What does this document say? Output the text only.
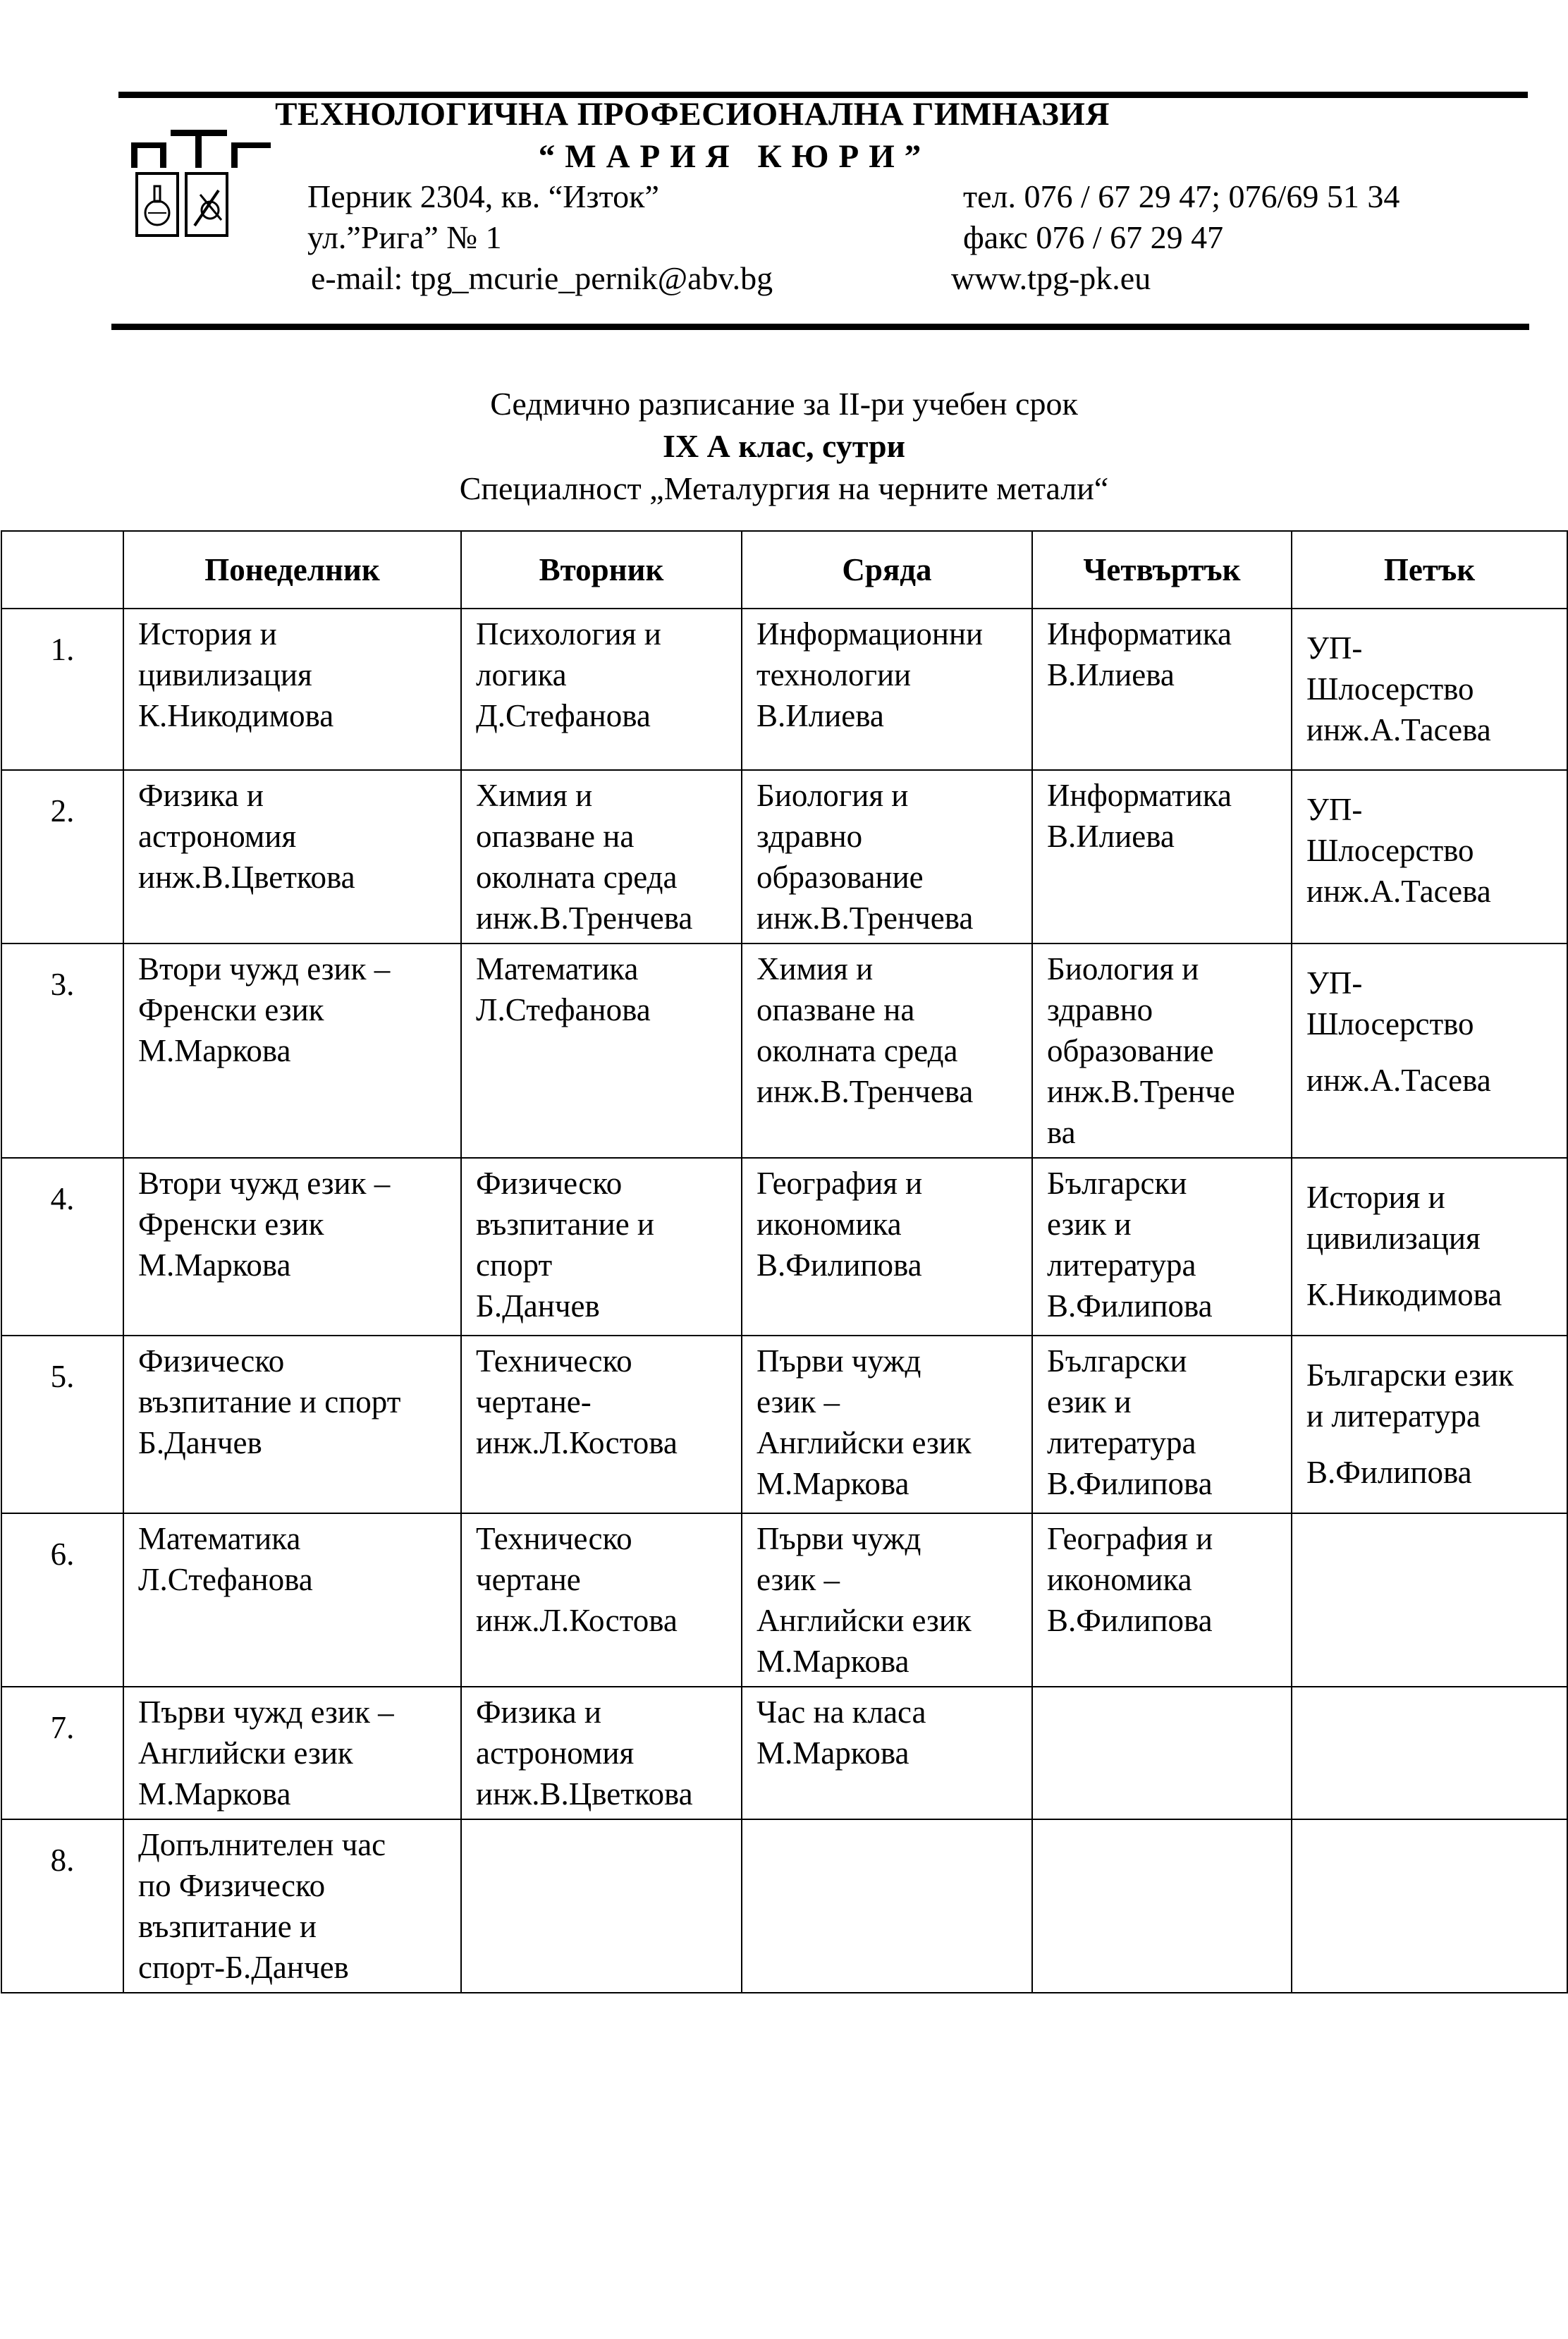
ТЕХНОЛОГИЧНА ПРОФЕСИОНАЛНА ГИМНАЗИЯ
“МАРИЯ КЮРИ”
Перник 2304, кв. “Изток”
ул.”Рига” № 1
e-mail: tpg_mcurie_pernik@abv.bg
тел. 076 / 67 29 47; 076/69 51 34
факс 076 / 67 29 47
www.tpg-pk.eu
Седмично разписание за II-ри учебен срок
IX А клас, сутри
Специалност „Металургия на черните метали“
	Понеделник	Вторник	Сряда	Четвъртък	Петък
1.	История и
цивилизация
К.Никодимова	Психология и
логика
Д.Стефанова	Информационни
технологии
В.Илиева	Информатика
В.Илиева	УП-
Шлосерство
инж.А.Тасева

2.	Физика и
астрономия
инж.В.Цветкова	Химия и
опазване на
околната среда
инж.В.Тренчева	Биология и
здравно
образование
инж.В.Тренчева	Информатика
В.Илиева	УП-
Шлосерство
инж.А.Тасева

3.	Втори чужд език –
Френски език
М.Маркова	Математика
Л.Стефанова	Химия и
опазване на
околната среда
инж.В.Тренчева	Биология и
здравно
образование
инж.В.Тренче
ва	УП-
Шлосерство
инж.А.Тасева

4.	Втори чужд език –
Френски език
М.Маркова	Физическо
възпитание и
спорт
Б.Данчев	География и
икономика
В.Филипова	Български
език и
литература
В.Филипова	История и
цивилизация
К.Никодимова

5.	Физическо
възпитание и спорт
Б.Данчев	Техническо
чертане-
инж.Л.Костова	Първи чужд
език –
Английски език
М.Маркова	Български
език и
литература
В.Филипова	Български език
и литература
В.Филипова

6.	Математика
Л.Стефанова	Техническо
чертане
инж.Л.Костова	Първи чужд
език –
Английски език
М.Маркова	География и
икономика
В.Филипова	

7.	Първи чужд език –
Английски език
М.Маркова	Физика и
астрономия
инж.В.Цветкова	Час на класа
М.Маркова		

8.	Допълнителен час
по Физическо
възпитание и
спорт-Б.Данчев				
